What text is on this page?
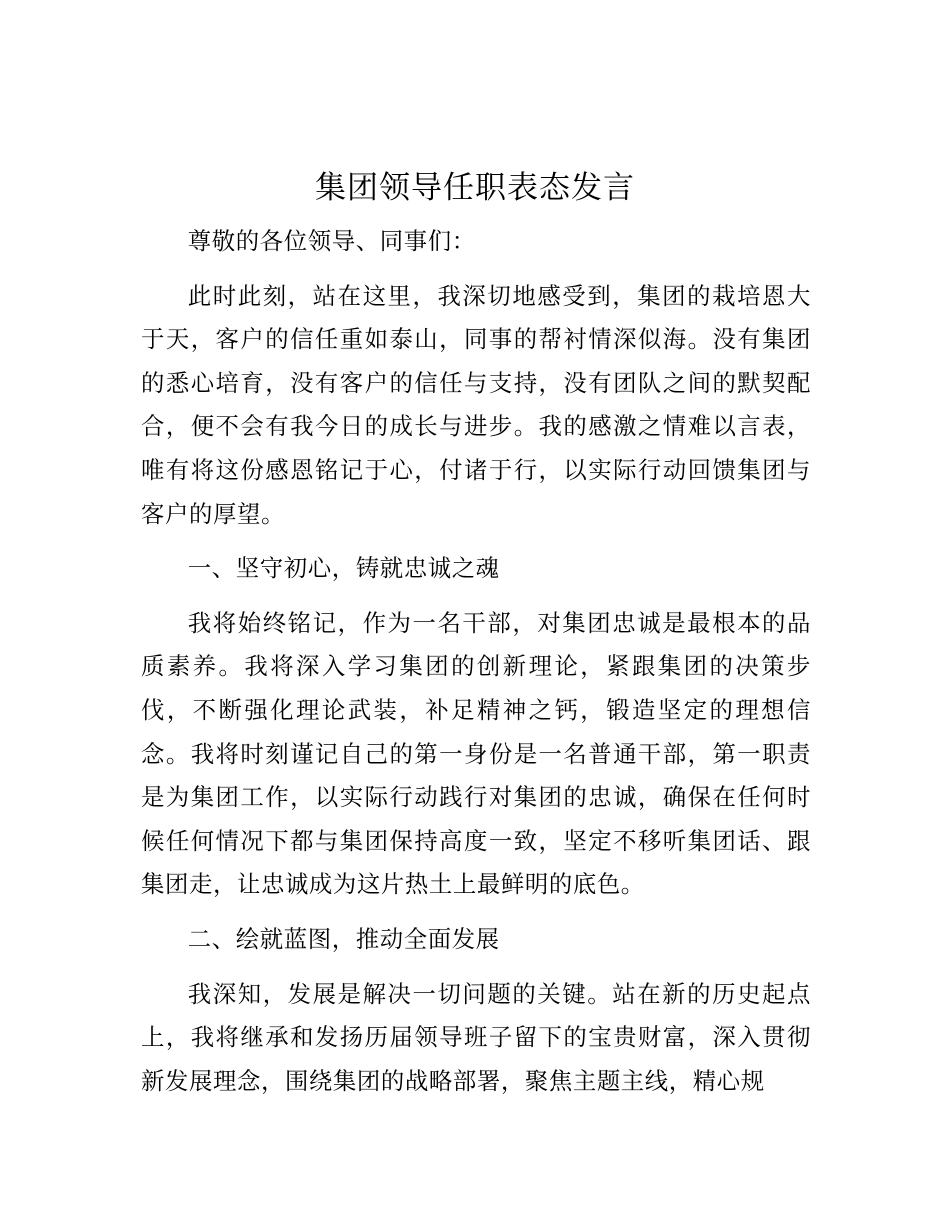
集团领导任职表态发言

尊敬的各位领导、同事们：

此时此刻，站在这里，我深切地感受到，集团的栽培恩大于天，客户的信任重如泰山，同事的帮衬情深似海。没有集团的悉心培育，没有客户的信任与支持，没有团队之间的默契配合，便不会有我今日的成长与进步。我的感激之情难以言表，唯有将这份感恩铭记于心，付诸于行，以实际行动回馈集团与客户的厚望。

一、坚守初心，铸就忠诚之魂

我将始终铭记，作为一名干部，对集团忠诚是最根本的品质素养。我将深入学习集团的创新理论，紧跟集团的决策步伐，不断强化理论武装，补足精神之钙，锻造坚定的理想信念。我将时刻谨记自己的第一身份是一名普通干部，第一职责是为集团工作，以实际行动践行对集团的忠诚，确保在任何时候任何情况下都与集团保持高度一致，坚定不移听集团话、跟集团走，让忠诚成为这片热土上最鲜明的底色。

二、绘就蓝图，推动全面发展

我深知，发展是解决一切问题的关键。站在新的历史起点上，我将继承和发扬历届领导班子留下的宝贵财富，深入贯彻新发展理念，围绕集团的战略部署，聚焦主题主线，精心规
